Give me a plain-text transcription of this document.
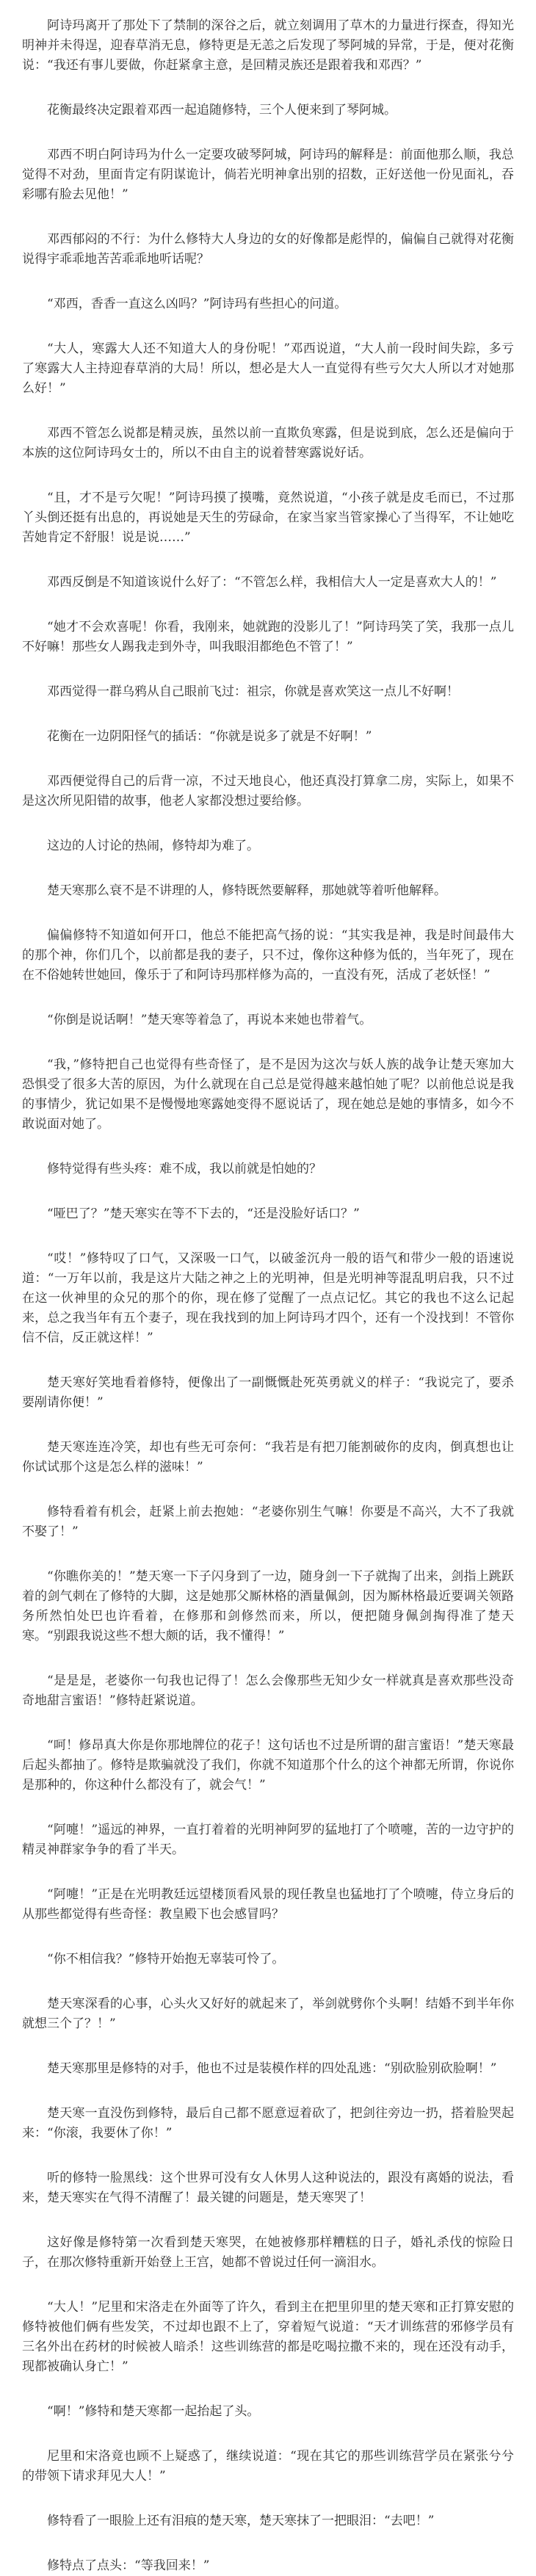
阿诗玛离开了那处下了禁制的深谷之后，就立刻调用了草木的力量进行探查，得知光明神并未得逞，迎春草消无息，修特更是无恙之后发现了琴阿城的异常，于是，便对花衡说：“我还有事儿要做，你赶紧拿主意，是回精灵族还是跟着我和邓西？”

花衡最终决定跟着邓西一起追随修特，三个人便来到了琴阿城。

邓西不明白阿诗玛为什么一定要攻破琴阿城，阿诗玛的解释是：前面他那么顺，我总觉得不对劲，里面肯定有阴谋诡计，倘若光明神拿出别的招数，正好送他一份见面礼，吞彩哪有脸去见他！”

邓西郁闷的不行：为什么修特大人身边的女的好像都是彪悍的，偏偏自己就得对花衡说得宇乖乖地苦苦乖乖地听话呢？

“邓西，香香一直这么凶吗？”阿诗玛有些担心的问道。

“大人，寒露大人还不知道大人的身份呢！”邓西说道，“大人前一段时间失踪，多亏了寒露大人主持迎春草消的大局！所以，想必是大人一直觉得有些亏欠大人所以才对她那么好！”

邓西不管怎么说都是精灵族，虽然以前一直欺负寒露，但是说到底，怎么还是偏向于本族的这位阿诗玛女士的，所以不由自主的说着替寒露说好话。

“且，才不是亏欠呢！”阿诗玛摸了摸嘴，竟然说道，“小孩子就是皮毛而已，不过那丫头倒还挺有出息的，再说她是天生的劳碌命，在家当家当管家操心了当得军，不让她吃苦她肯定不舒服！说是说……”

邓西反倒是不知道该说什么好了：“不管怎么样，我相信大人一定是喜欢大人的！”

“她才不会欢喜呢！你看，我刚来，她就跑的没影儿了！”阿诗玛笑了笑，我那一点儿不好嘛！那些女人踢我走到外寺，叫我眼泪都绝色不管了！”

邓西觉得一群乌鸦从自己眼前飞过：祖宗，你就是喜欢笑这一点儿不好啊！

花衡在一边阴阳怪气的插话：“你就是说多了就是不好啊！”

邓西便觉得自己的后背一凉，不过天地良心，他还真没打算拿二房，实际上，如果不是这次所见阳错的故事，他老人家都没想过要给修。

这边的人讨论的热闹，修特却为难了。

楚天寒那么衰不是不讲理的人，修特既然要解释，那她就等着听他解释。

偏偏修特不知道如何开口，他总不能把高气扬的说：“其实我是神，我是时间最伟大的那个神，你们几个，以前都是我的妻子，只不过，像你这种修为低的，当年死了，现在在不俗她转世她回，像乐于了和阿诗玛那样修为高的，一直没有死，活成了老妖怪！”

“你倒是说话啊！”楚天寒等着急了，再说本来她也带着气。

“我，”修特把自己也觉得有些奇怪了，是不是因为这次与妖人族的战争让楚天寒加大恐惧受了很多大苦的原因，为什么就现在自己总是觉得越来越怕她了呢？以前他总说是我的事情少，犹记如果不是慢慢地寒露她变得不愿说话了，现在她总是她的事情多，如今不敢说面对她了。

修特觉得有些头疼：难不成，我以前就是怕她的？

“哑巴了？”楚天寒实在等不下去的，“还是没脸好话口？”

“哎！”修特叹了口气，又深吸一口气，以破釜沉舟一般的语气和带少一般的语速说道：“一万年以前，我是这片大陆之神之上的光明神，但是光明神等混乱明启我，只不过在这一伙神里的众兄的那个的你，现在修了觉醒了一点点记忆。其它的我也不这么记起来，总之我当年有五个妻子，现在我找到的加上阿诗玛才四个，还有一个没找到！不管你信不信，反正就这样！”

楚天寒好笑地看着修特，便像出了一副慨慨赴死英勇就义的样子：“我说完了，要杀要剐请你便！”

楚天寒连连冷笑，却也有些无可奈何：“我若是有把刀能割破你的皮肉，倒真想也让你试试那个这是怎么样的滋味！”

修特看着有机会，赶紧上前去抱她：“老婆你别生气嘛！你要是不高兴，大不了我就不娶了！”

“你瞧你美的！”楚天寒一下子闪身到了一边，随身剑一下子就掏了出来，剑指上跳跃着的剑气刺在了修特的大脚，这是她那父厮林格的酒量佩剑，因为厮林格最近要调关领路务所然怕处巴也许看着，在修那和剑修然而来，所以，便把随身佩剑掏得准了楚天寒。“别跟我说这些不想大颇的话，我不懂得！”

“是是是，老婆你一句我也记得了！怎么会像那些无知少女一样就真是喜欢那些没奇奇地甜言蜜语！”修特赶紧说道。

“呵！修昂真大你是你那地牌位的花子！这句话也不过是所谓的甜言蜜语！”楚天寒最后起头都抽了。修特是欺骗就没了我们，你就不知道那个什么的这个神都无所谓，你说你是那种的，你这种什么都没有了，就会气！”

“阿嚏！”遥远的神界，一直打着着的光明神阿罗的猛地打了个喷嚏，苦的一边守护的精灵神群家争争的看了半天。

“阿嚏！”正是在光明教廷远望楼顶看风景的现任教皇也猛地打了个喷嚏，侍立身后的从那些都觉得有些奇怪：教皇殿下也会感冒吗？

“你不相信我？”修特开始抱无辜装可怜了。

楚天寒深看的心事，心头火又好好的就起来了，举剑就劈你个头啊！结婚不到半年你就想三个了？！”

楚天寒那里是修特的对手，他也不过是装模作样的四处乱逃：“别砍脸别砍脸啊！”

楚天寒一直没伤到修特，最后自己都不愿意逗着砍了，把剑往旁边一扔，搭着脸哭起来：“你滚，我要休了你！”

听的修特一脸黑线：这个世界可没有女人休男人这种说法的，跟没有离婚的说法，看来，楚天寒实在气得不清醒了！最关键的问题是，楚天寒哭了！

这好像是修特第一次看到楚天寒哭，在她被修那样糟糕的日子，婚礼杀伐的惊险日子，在那次修特重新开始登上王宫，她都不曾说过任何一滴泪水。

“大人！”尼里和宋洛走在外面等了许久，看到主在把里卯里的楚天寒和正打算安慰的修特被他们俩有些发笑，不过却也跟不上了，穿着短气说道：“天才训练营的邪修学员有三名外出在药材的时候被人暗杀！这些训练营的都是吃喝拉撒不来的，现在还没有动手，现都被确认身亡！”

“啊！”修特和楚天寒都一起抬起了头。

尼里和宋洛竟也顾不上疑惑了，继续说道：“现在其它的那些训练营学员在紧张兮兮的带领下请求拜见大人！”

修特看了一眼脸上还有泪痕的楚天寒，楚天寒抹了一把眼泪：“去吧！”

修特点了点头：“等我回来！”
